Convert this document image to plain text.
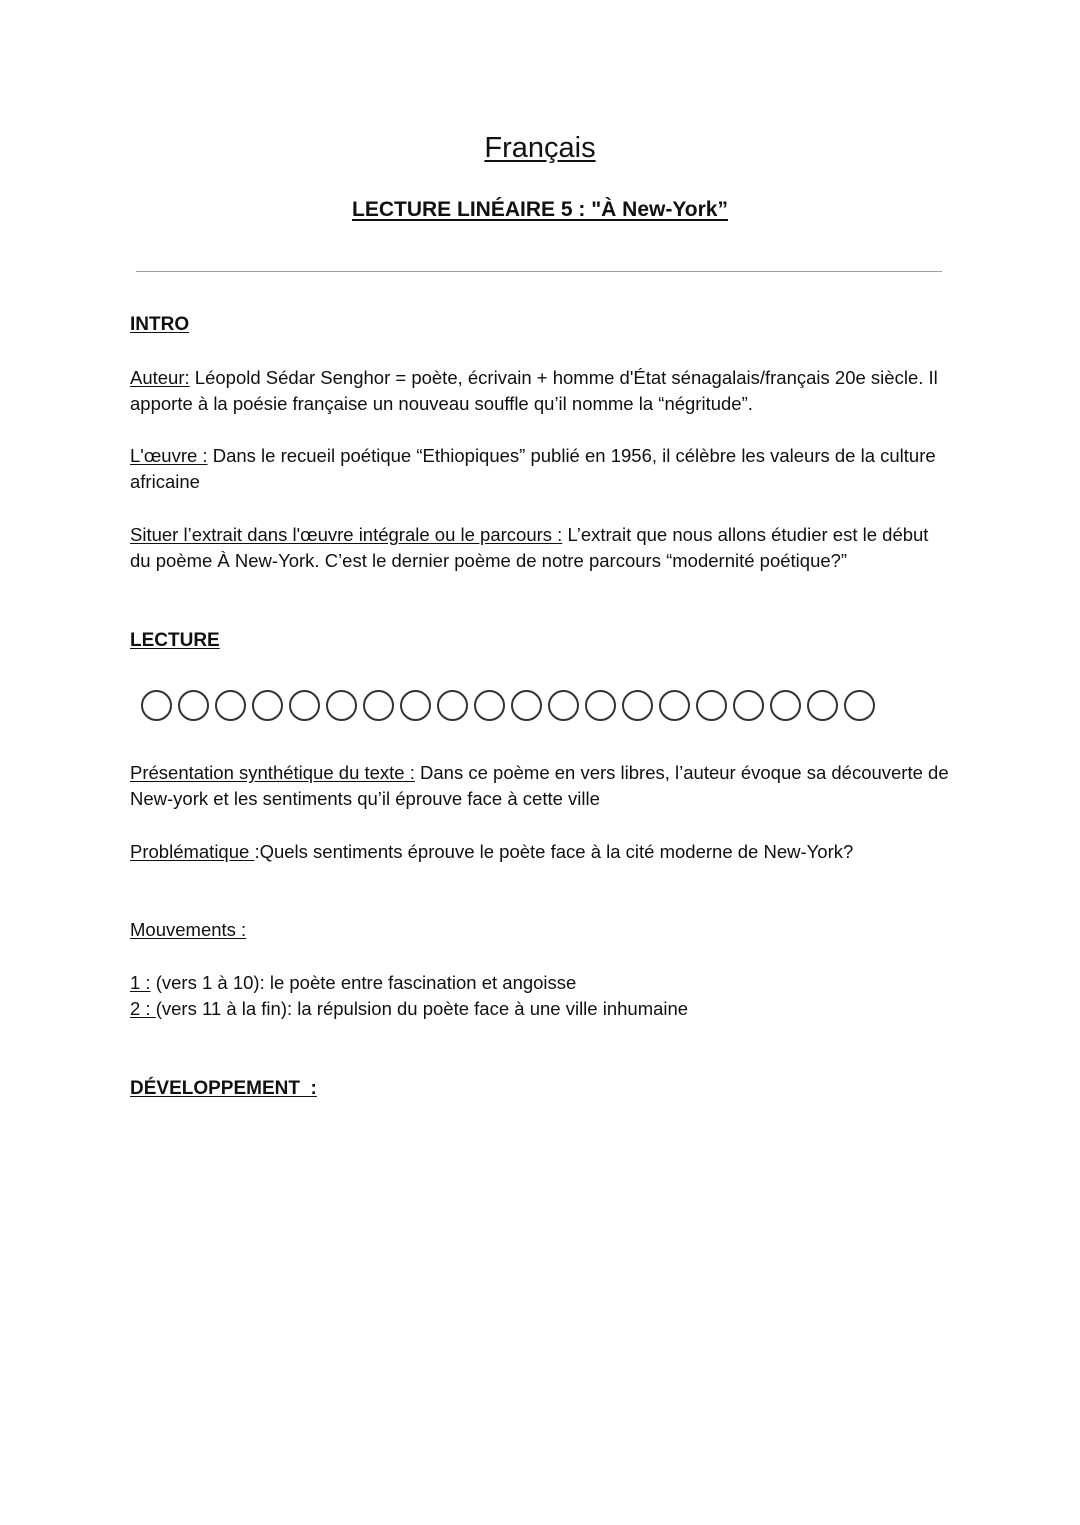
Français
LECTURE LINÉAIRE 5 : "À New-York”
INTRO
Auteur: Léopold Sédar Senghor = poète, écrivain + homme d'État sénagalais/français 20e siècle. Il apporte à la poésie française un nouveau souffle qu’il nomme la “négritude”.
L'œuvre : Dans le recueil poétique “Ethiopiques” publié en 1956, il célèbre les valeurs de la culture africaine
Situer l’extrait dans l'œuvre intégrale ou le parcours : L’extrait que nous allons étudier est le début du poème À New-York. C’est le dernier poème de notre parcours “modernité poétique?”
LECTURE
Présentation synthétique du texte : Dans ce poème en vers libres, l’auteur évoque sa découverte de New-york et les sentiments qu’il éprouve face à cette ville
Problématique :Quels sentiments éprouve le poète face à la cité moderne de New-York?
Mouvements :
1 : (vers 1 à 10): le poète entre fascination et angoisse
2 : (vers 11 à la fin): la répulsion du poète face à une ville inhumaine
DÉVELOPPEMENT  :
